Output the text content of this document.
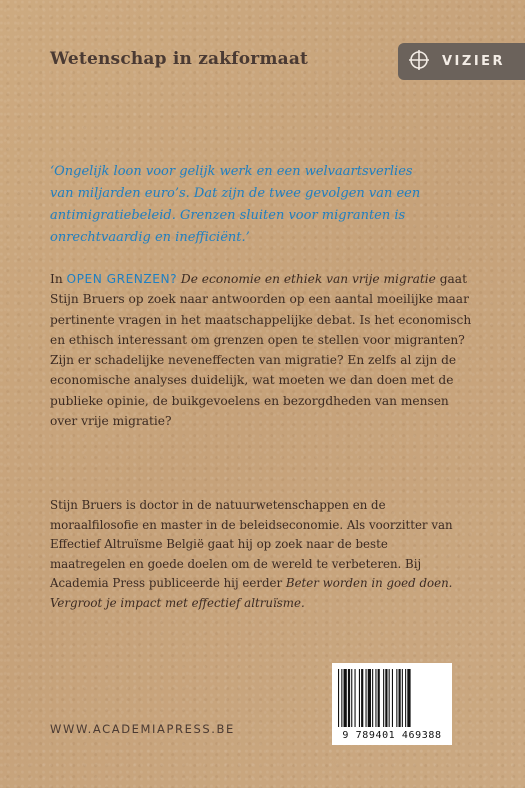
Wetenschap in zakformaat	VIZIER

‘Ongelijk loon voor gelijk werk en een welvaartsverlies van miljarden euro’s. Dat zijn de twee gevolgen van een antimigratiebeleid. Grenzen sluiten voor migranten is onrechtvaardig en inefficiënt.’

In OPEN GRENZEN? De economie en ethiek van vrije migratie gaat Stijn Bruers op zoek naar antwoorden op een aantal moeilijke maar pertinente vragen in het maatschappelijke debat. Is het economisch en ethisch interessant om grenzen open te stellen voor migranten? Zijn er schadelijke neveneffecten van migratie? En zelfs al zijn de economische analyses duidelijk, wat moeten we dan doen met de publieke opinie, de buikgevoelens en bezorgdheden van mensen over vrije migratie?

Stijn Bruers is doctor in de natuurwetenschappen en de moraalfilosofie en master in de beleidseconomie. Als voorzitter van Effectief Altruïsme België gaat hij op zoek naar de beste maatregelen en goede doelen om de wereld te verbeteren. Bij Academia Press publiceerde hij eerder Beter worden in goed doen. Vergroot je impact met effectief altruïsme.

WWW.ACADEMIAPRESS.BE	9 789401 469388
